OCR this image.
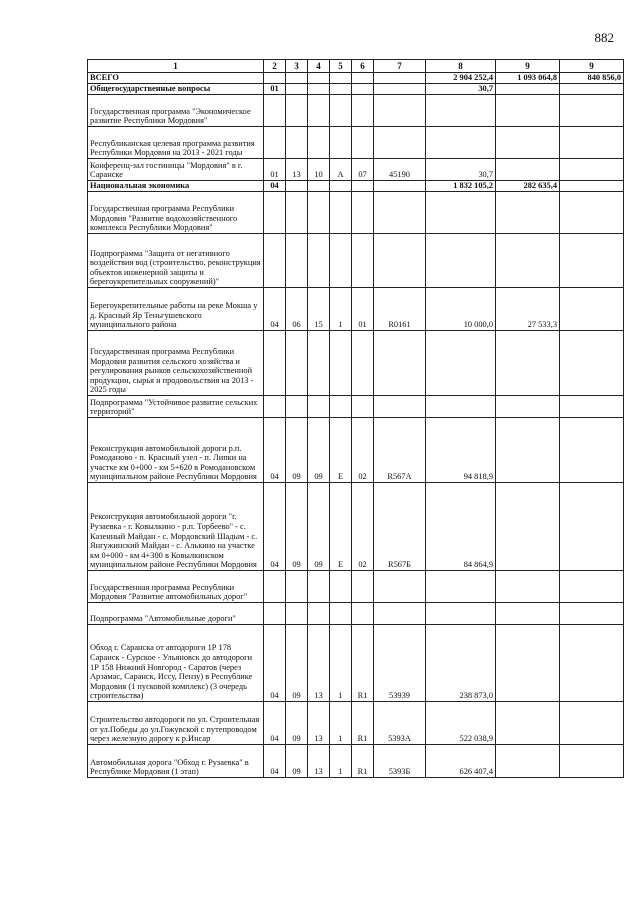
882
1	2	3	4	5	6	7	8	9	9
ВСЕГО							2 904 252,4	1 093 064,8	840 856,0
Общегосударственные вопросы	01						30,7		
Государственная программа "Экономическое развитие Республики Мордовия"									
Республиканская целевая программа развития Республики Мордовия на 2013 - 2021 годы									
Конференц-зал гостиницы "Мордовия" в г. Саранске	01	13	10	А	07	45190	30,7		
Национальная экономика	04						1 832 105,2	282 635,4	
Государственная программа Республики Мордовия "Развитие водохозяйственного комплекса Республики Мордовия"									
Подпрограмма "Защита от негативного воздействия вод (строительство, реконструкция объектов инженерной защиты и берегоукрепительных сооружений)"									
Берегоукрепительные работы на реке Мокша у д. Красный Яр Теньгушевского муниципального района	04	06	15	1	01	R0161	10 000,0	27 533,3	
Государственная программа Республики Мордовия развития сельского хозяйства и регулирования рынков сельскохозяйственной продукции, сырья и продовольствия на 2013 - 2025 годы									
Подпрограмма "Устойчивое развитие сельских территорий"									
Реконструкция автомобильной дороги р.п. Ромоданово - п. Красный узел - п. Липки на участке км 0+000 - км 5+620 в Ромодановском муниципальном районе Республики Мордовия	04	09	09	Е	02	R567А	94 818,9		
Реконструкция автомобильной дороги "г. Рузаевка - г. Ковылкино - р.п. Торбеево" - с. Казенный Майдан - с. Мордовский Шадым - с. Янгужинский Майдан - с. Алькино на участке км 0+000 - км 4+300 в Ковылкинском муниципальном районе Республики Мордовия	04	09	09	Е	02	R567Б	84 864,9		
Государственная программа Республики Мордовия "Развитие автомобильных дорог"									
Подпрограмма "Автомобильные дороги"									
Обход г. Саранска от автодороги 1Р 178 Саранск - Сурское - Ульяновск до автодороги 1Р 158 Нижний Новгород - Саратов (через Арзамас, Саранск, Иссу, Пензу) в Республике Мордовия (1 пусковой комплекс) (3 очередь строительства)	04	09	13	1	R1	53939	238 873,0		
Строительство автодороги по ул. Строительная от ул.Победы до ул.Гожувской с путепроводом через железную дорогу к р.Инсар	04	09	13	1	R1	5393А	522 038,9		
Автомобильная дорога "Обход г. Рузаевка" в Республике Мордовия (1 этап)	04	09	13	1	R1	5393Б	626 407,4		
